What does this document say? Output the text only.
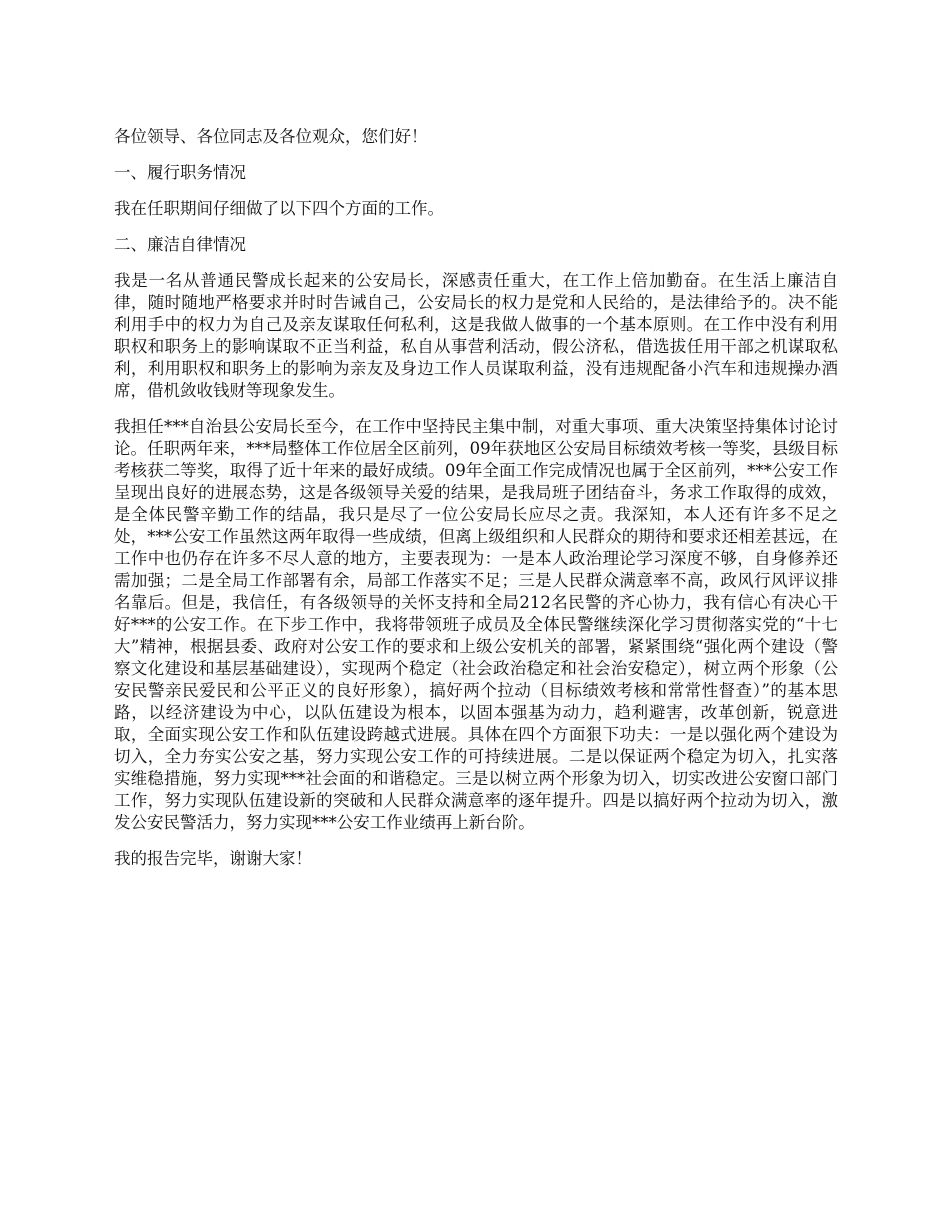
各位领导、各位同志及各位观众，您们好！

一、履行职务情况

我在任职期间仔细做了以下四个方面的工作。

二、廉洁自律情况

我是一名从普通民警成长起来的公安局长，深感责任重大，在工作上倍加勤奋。在生活上廉洁自律，随时随地严格要求并时时告诫自己，公安局长的权力是党和人民给的，是法律给予的。决不能利用手中的权力为自己及亲友谋取任何私利，这是我做人做事的一个基本原则。在工作中没有利用职权和职务上的影响谋取不正当利益，私自从事营利活动，假公济私，借选拔任用干部之机谋取私利，利用职权和职务上的影响为亲友及身边工作人员谋取利益，没有违规配备小汽车和违规操办酒席，借机敛收钱财等现象发生。

我担任***自治县公安局长至今，在工作中坚持民主集中制，对重大事项、重大决策坚持集体讨论讨论。任职两年来，***局整体工作位居全区前列，09年获地区公安局目标绩效考核一等奖，县级目标考核获二等奖，取得了近十年来的最好成绩。09年全面工作完成情况也属于全区前列，***公安工作呈现出良好的进展态势，这是各级领导关爱的结果，是我局班子团结奋斗，务求工作取得的成效，是全体民警辛勤工作的结晶，我只是尽了一位公安局长应尽之责。我深知，本人还有许多不足之处，***公安工作虽然这两年取得一些成绩，但离上级组织和人民群众的期待和要求还相差甚远，在工作中也仍存在许多不尽人意的地方，主要表现为：一是本人政治理论学习深度不够，自身修养还需加强；二是全局工作部署有余，局部工作落实不足；三是人民群众满意率不高，政风行风评议排名靠后。但是，我信任，有各级领导的关怀支持和全局212名民警的齐心协力，我有信心有决心干好***的公安工作。在下步工作中，我将带领班子成员及全体民警继续深化学习贯彻落实党的“十七大”精神，根据县委、政府对公安工作的要求和上级公安机关的部署，紧紧围绕“强化两个建设（警察文化建设和基层基础建设），实现两个稳定（社会政治稳定和社会治安稳定），树立两个形象（公安民警亲民爱民和公平正义的良好形象），搞好两个拉动（目标绩效考核和常常性督查）”的基本思路，以经济建设为中心，以队伍建设为根本，以固本强基为动力，趋利避害，改革创新，锐意进取，全面实现公安工作和队伍建设跨越式进展。具体在四个方面狠下功夫：一是以强化两个建设为切入，全力夯实公安之基，努力实现公安工作的可持续进展。二是以保证两个稳定为切入，扎实落实维稳措施，努力实现***社会面的和谐稳定。三是以树立两个形象为切入，切实改进公安窗口部门工作，努力实现队伍建设新的突破和人民群众满意率的逐年提升。四是以搞好两个拉动为切入，激发公安民警活力，努力实现***公安工作业绩再上新台阶。

我的报告完毕，谢谢大家！
